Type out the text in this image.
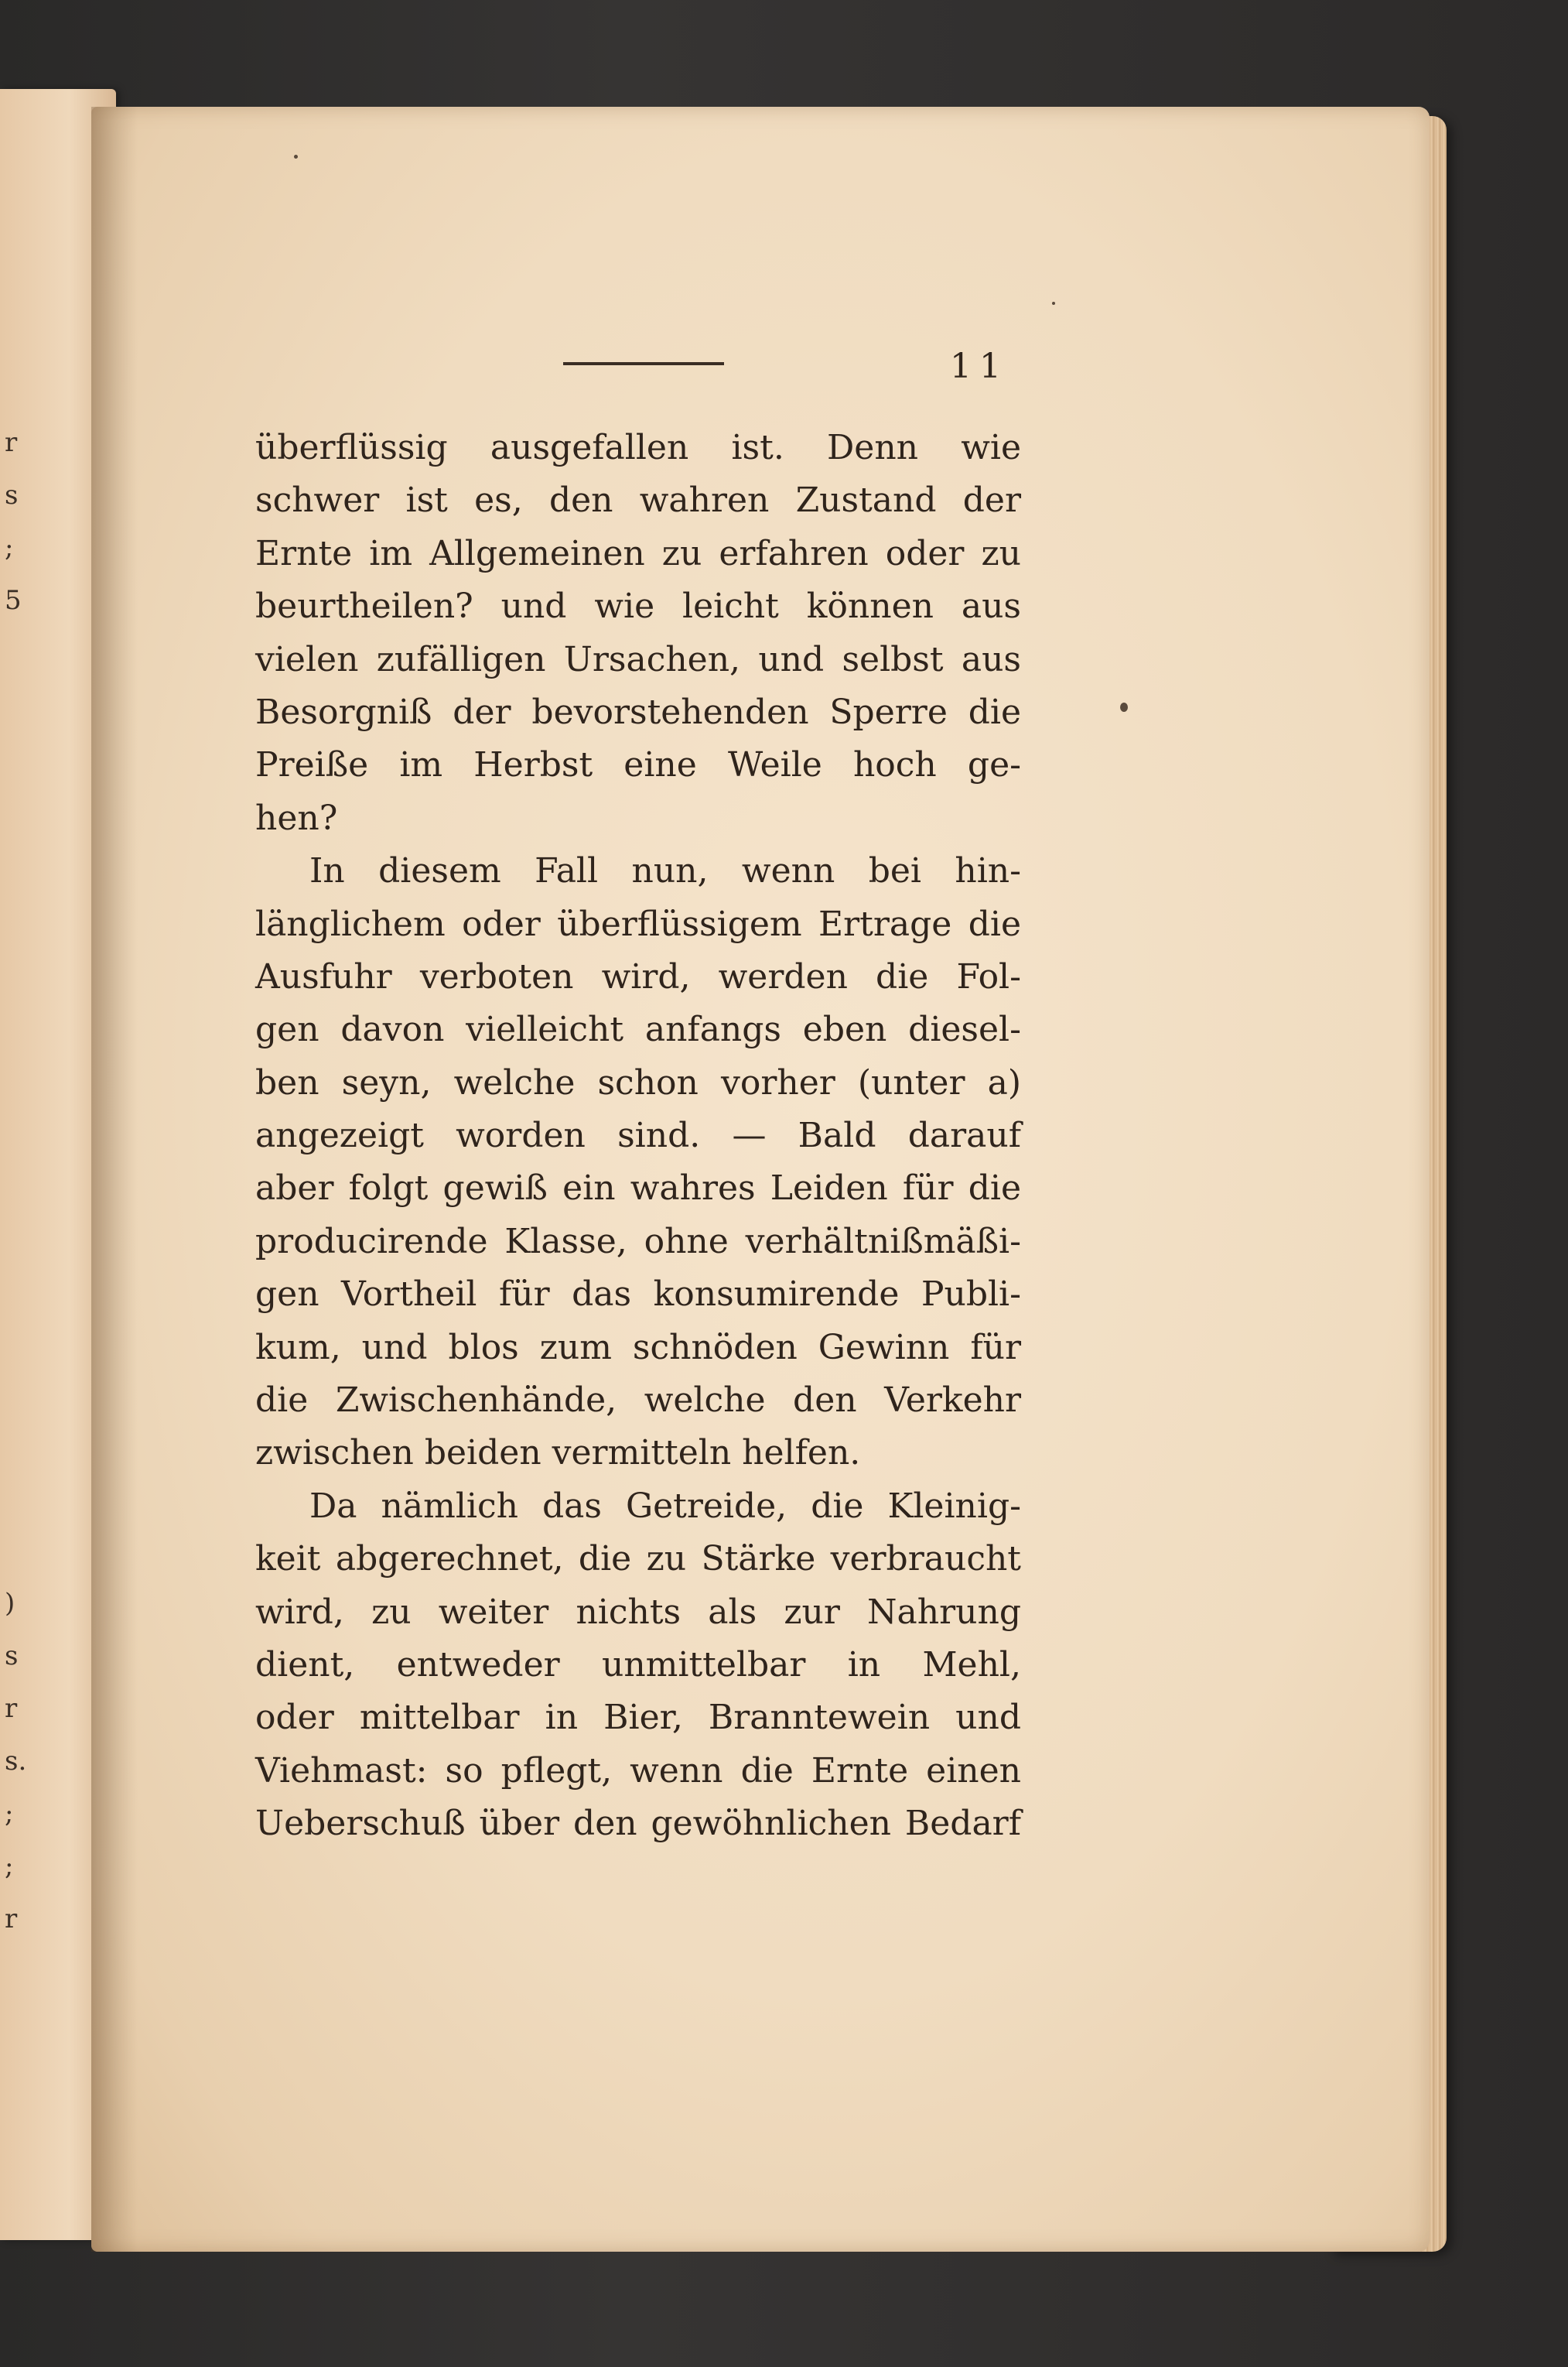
r
s
;
5
)
s
r
s.
;
;
r
11
überflüssig ausgefallen ist. Denn wie
schwer ist es, den wahren Zustand der
Ernte im Allgemeinen zu erfahren oder zu
beurtheilen? und wie leicht können aus
vielen zufälligen Ursachen, und selbst aus
Besorgniß der bevorstehenden Sperre die
Preiße im Herbst eine Weile hoch ge-
hen?
In diesem Fall nun, wenn bei hin-
länglichem oder überflüssigem Ertrage die
Ausfuhr verboten wird, werden die Fol-
gen davon vielleicht anfangs eben diesel-
ben seyn, welche schon vorher (unter a)
angezeigt worden sind. — Bald darauf
aber folgt gewiß ein wahres Leiden für die
producirende Klasse, ohne verhältnißmäßi-
gen Vortheil für das konsumirende Publi-
kum, und blos zum schnöden Gewinn für
die Zwischenhände, welche den Verkehr
zwischen beiden vermitteln helfen.
Da nämlich das Getreide, die Kleinig-
keit abgerechnet, die zu Stärke verbraucht
wird, zu weiter nichts als zur Nahrung
dient, entweder unmittelbar in Mehl,
oder mittelbar in Bier, Branntewein und
Viehmast: so pflegt, wenn die Ernte einen
Ueberschuß über den gewöhnlichen Bedarf
